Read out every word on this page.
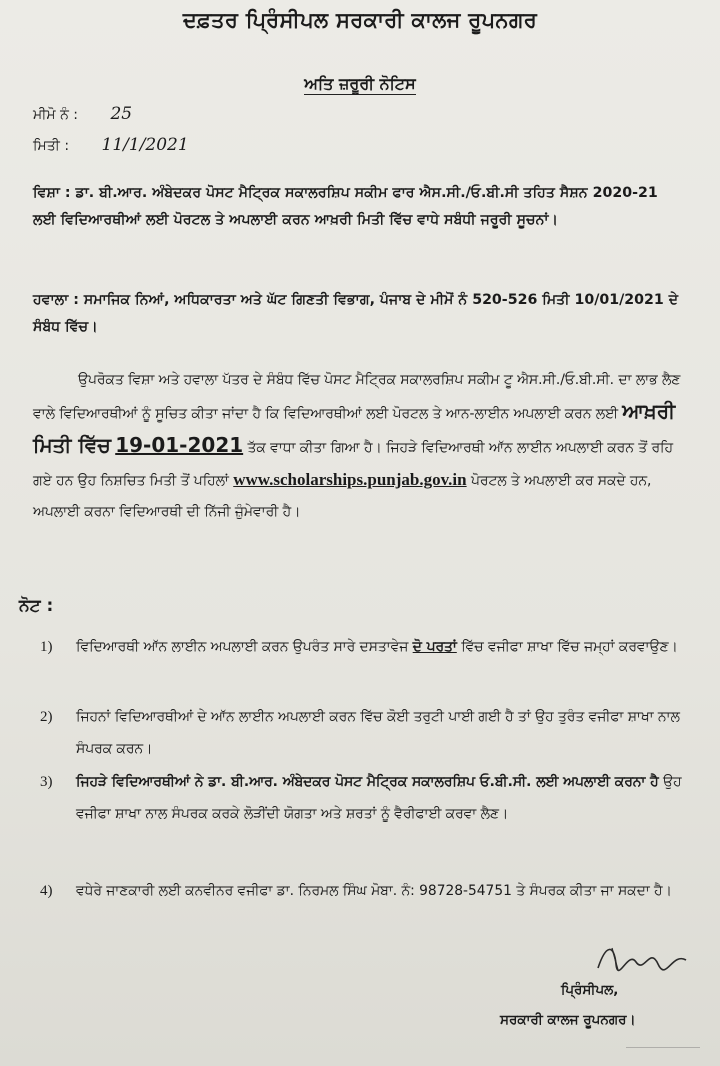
ਦਫ਼ਤਰ ਪ੍ਰਿੰਸੀਪਲ ਸਰਕਾਰੀ ਕਾਲਜ ਰੂਪਨਗਰ
ਅਤਿ ਜ਼ਰੂਰੀ ਨੋਟਿਸ
ਮੀਮੋ ਨੰ : 25
ਮਿਤੀ : 11/1/2021
ਵਿਸ਼ਾ : ਡਾ. ਬੀ.ਆਰ. ਅੰਬੇਦਕਰ ਪੋਸਟ ਮੈਟ੍ਰਿਕ ਸਕਾਲਰਸ਼ਿਪ ਸਕੀਮ ਫਾਰ ਐਸ.ਸੀ./ਓ.ਬੀ.ਸੀ ਤਹਿਤ ਸੈਸ਼ਨ 2020-21 ਲਈ ਵਿਦਿਆਰਥੀਆਂ ਲਈ ਪੋਰਟਲ ਤੇ ਅਪਲਾਈ ਕਰਨ ਆਖ਼ਰੀ ਮਿਤੀ ਵਿੱਚ ਵਾਧੇ ਸਬੰਧੀ ਜਰੂਰੀ ਸੂਚਨਾਂ।
ਹਵਾਲਾ : ਸਮਾਜਿਕ ਨਿਆਂ, ਅਧਿਕਾਰਤਾ ਅਤੇ ਘੱਟ ਗਿਣਤੀ ਵਿਭਾਗ, ਪੰਜਾਬ ਦੇ ਮੀਮੋਂ ਨੰ 520-526 ਮਿਤੀ 10/01/2021 ਦੇ ਸੰਬੰਧ ਵਿੱਚ।
ਉਪਰੋਕਤ ਵਿਸ਼ਾ ਅਤੇ ਹਵਾਲਾ ਪੱਤਰ ਦੇ ਸੰਬੰਧ ਵਿੱਚ ਪੋਸਟ ਮੈਟ੍ਰਿਕ ਸਕਾਲਰਸ਼ਿਪ ਸਕੀਮ ਟੂ ਐਸ.ਸੀ./ਓ.ਬੀ.ਸੀ. ਦਾ ਲਾਭ ਲੈਣ ਵਾਲੇ ਵਿਦਿਆਰਥੀਆਂ ਨੂੰ ਸੂਚਿਤ ਕੀਤਾ ਜਾਂਦਾ ਹੈ ਕਿ ਵਿਦਿਆਰਥੀਆਂ ਲਈ ਪੋਰਟਲ ਤੇ ਆਨ-ਲਾਈਨ ਅਪਲਾਈ ਕਰਨ ਲਈ ਆਖ਼ਰੀ ਮਿਤੀ ਵਿੱਚ 19-01-2021 ਤੱਕ ਵਾਧਾ ਕੀਤਾ ਗਿਆ ਹੈ। ਜਿਹੜੇ ਵਿਦਿਆਰਥੀ ਆੱਨ ਲਾਈਨ ਅਪਲਾਈ ਕਰਨ ਤੋਂ ਰਹਿ ਗਏ ਹਨ ਉਹ ਨਿਸ਼ਚਿਤ ਮਿਤੀ ਤੋਂ ਪਹਿਲਾਂ www.scholarships.punjab.gov.in ਪੋਰਟਲ ਤੇ ਅਪਲਾਈ ਕਰ ਸਕਦੇ ਹਨ, ਅਪਲਾਈ ਕਰਨਾ ਵਿਦਿਆਰਥੀ ਦੀ ਨਿੱਜੀ ਜ਼ੁੰਮੇਵਾਰੀ ਹੈ।
ਨੋਟ :
1) ਵਿਦਿਆਰਥੀ ਆੱਨ ਲਾਈਨ ਅਪਲਾਈ ਕਰਨ ਉਪਰੰਤ ਸਾਰੇ ਦਸਤਾਵੇਜ ਦੋ ਪਰਤਾਂ ਵਿੱਚ ਵਜੀਫਾ ਸ਼ਾਖਾ ਵਿੱਚ ਜਮ੍ਹਾਂ ਕਰਵਾਉਣ।
2) ਜਿਹਨਾਂ ਵਿਦਿਆਰਥੀਆਂ ਦੇ ਆੱਨ ਲਾਈਨ ਅਪਲਾਈ ਕਰਨ ਵਿੱਚ ਕੋਈ ਤਰੁਟੀ ਪਾਈ ਗਈ ਹੈ ਤਾਂ ਉਹ ਤੁਰੰਤ ਵਜੀਫਾ ਸ਼ਾਖਾ ਨਾਲ ਸੰਪਰਕ ਕਰਨ।
3) ਜਿਹੜੇ ਵਿਦਿਆਰਥੀਆਂ ਨੇ ਡਾ. ਬੀ.ਆਰ. ਅੰਬੇਦਕਰ ਪੋਸਟ ਮੈਟ੍ਰਿਕ ਸਕਾਲਰਸ਼ਿਪ ਓ.ਬੀ.ਸੀ. ਲਈ ਅਪਲਾਈ ਕਰਨਾ ਹੈ ਉਹ ਵਜੀਫਾ ਸ਼ਾਖਾ ਨਾਲ ਸੰਪਰਕ ਕਰਕੇ ਲੋੜੀਂਦੀ ਯੋਗਤਾ ਅਤੇ ਸ਼ਰਤਾਂ ਨੂੰ ਵੈਰੀਫਾਈ ਕਰਵਾ ਲੈਣ।
4) ਵਧੇਰੇ ਜਾਣਕਾਰੀ ਲਈ ਕਨਵੀਨਰ ਵਜੀਫਾ ਡਾ. ਨਿਰਮਲ ਸਿੰਘ ਮੋਬਾ. ਨੰ: 98728-54751 ਤੇ ਸੰਪਰਕ ਕੀਤਾ ਜਾ ਸਕਦਾ ਹੈ।
ਪ੍ਰਿੰਸੀਪਲ,
ਸਰਕਾਰੀ ਕਾਲਜ ਰੂਪਨਗਰ।
